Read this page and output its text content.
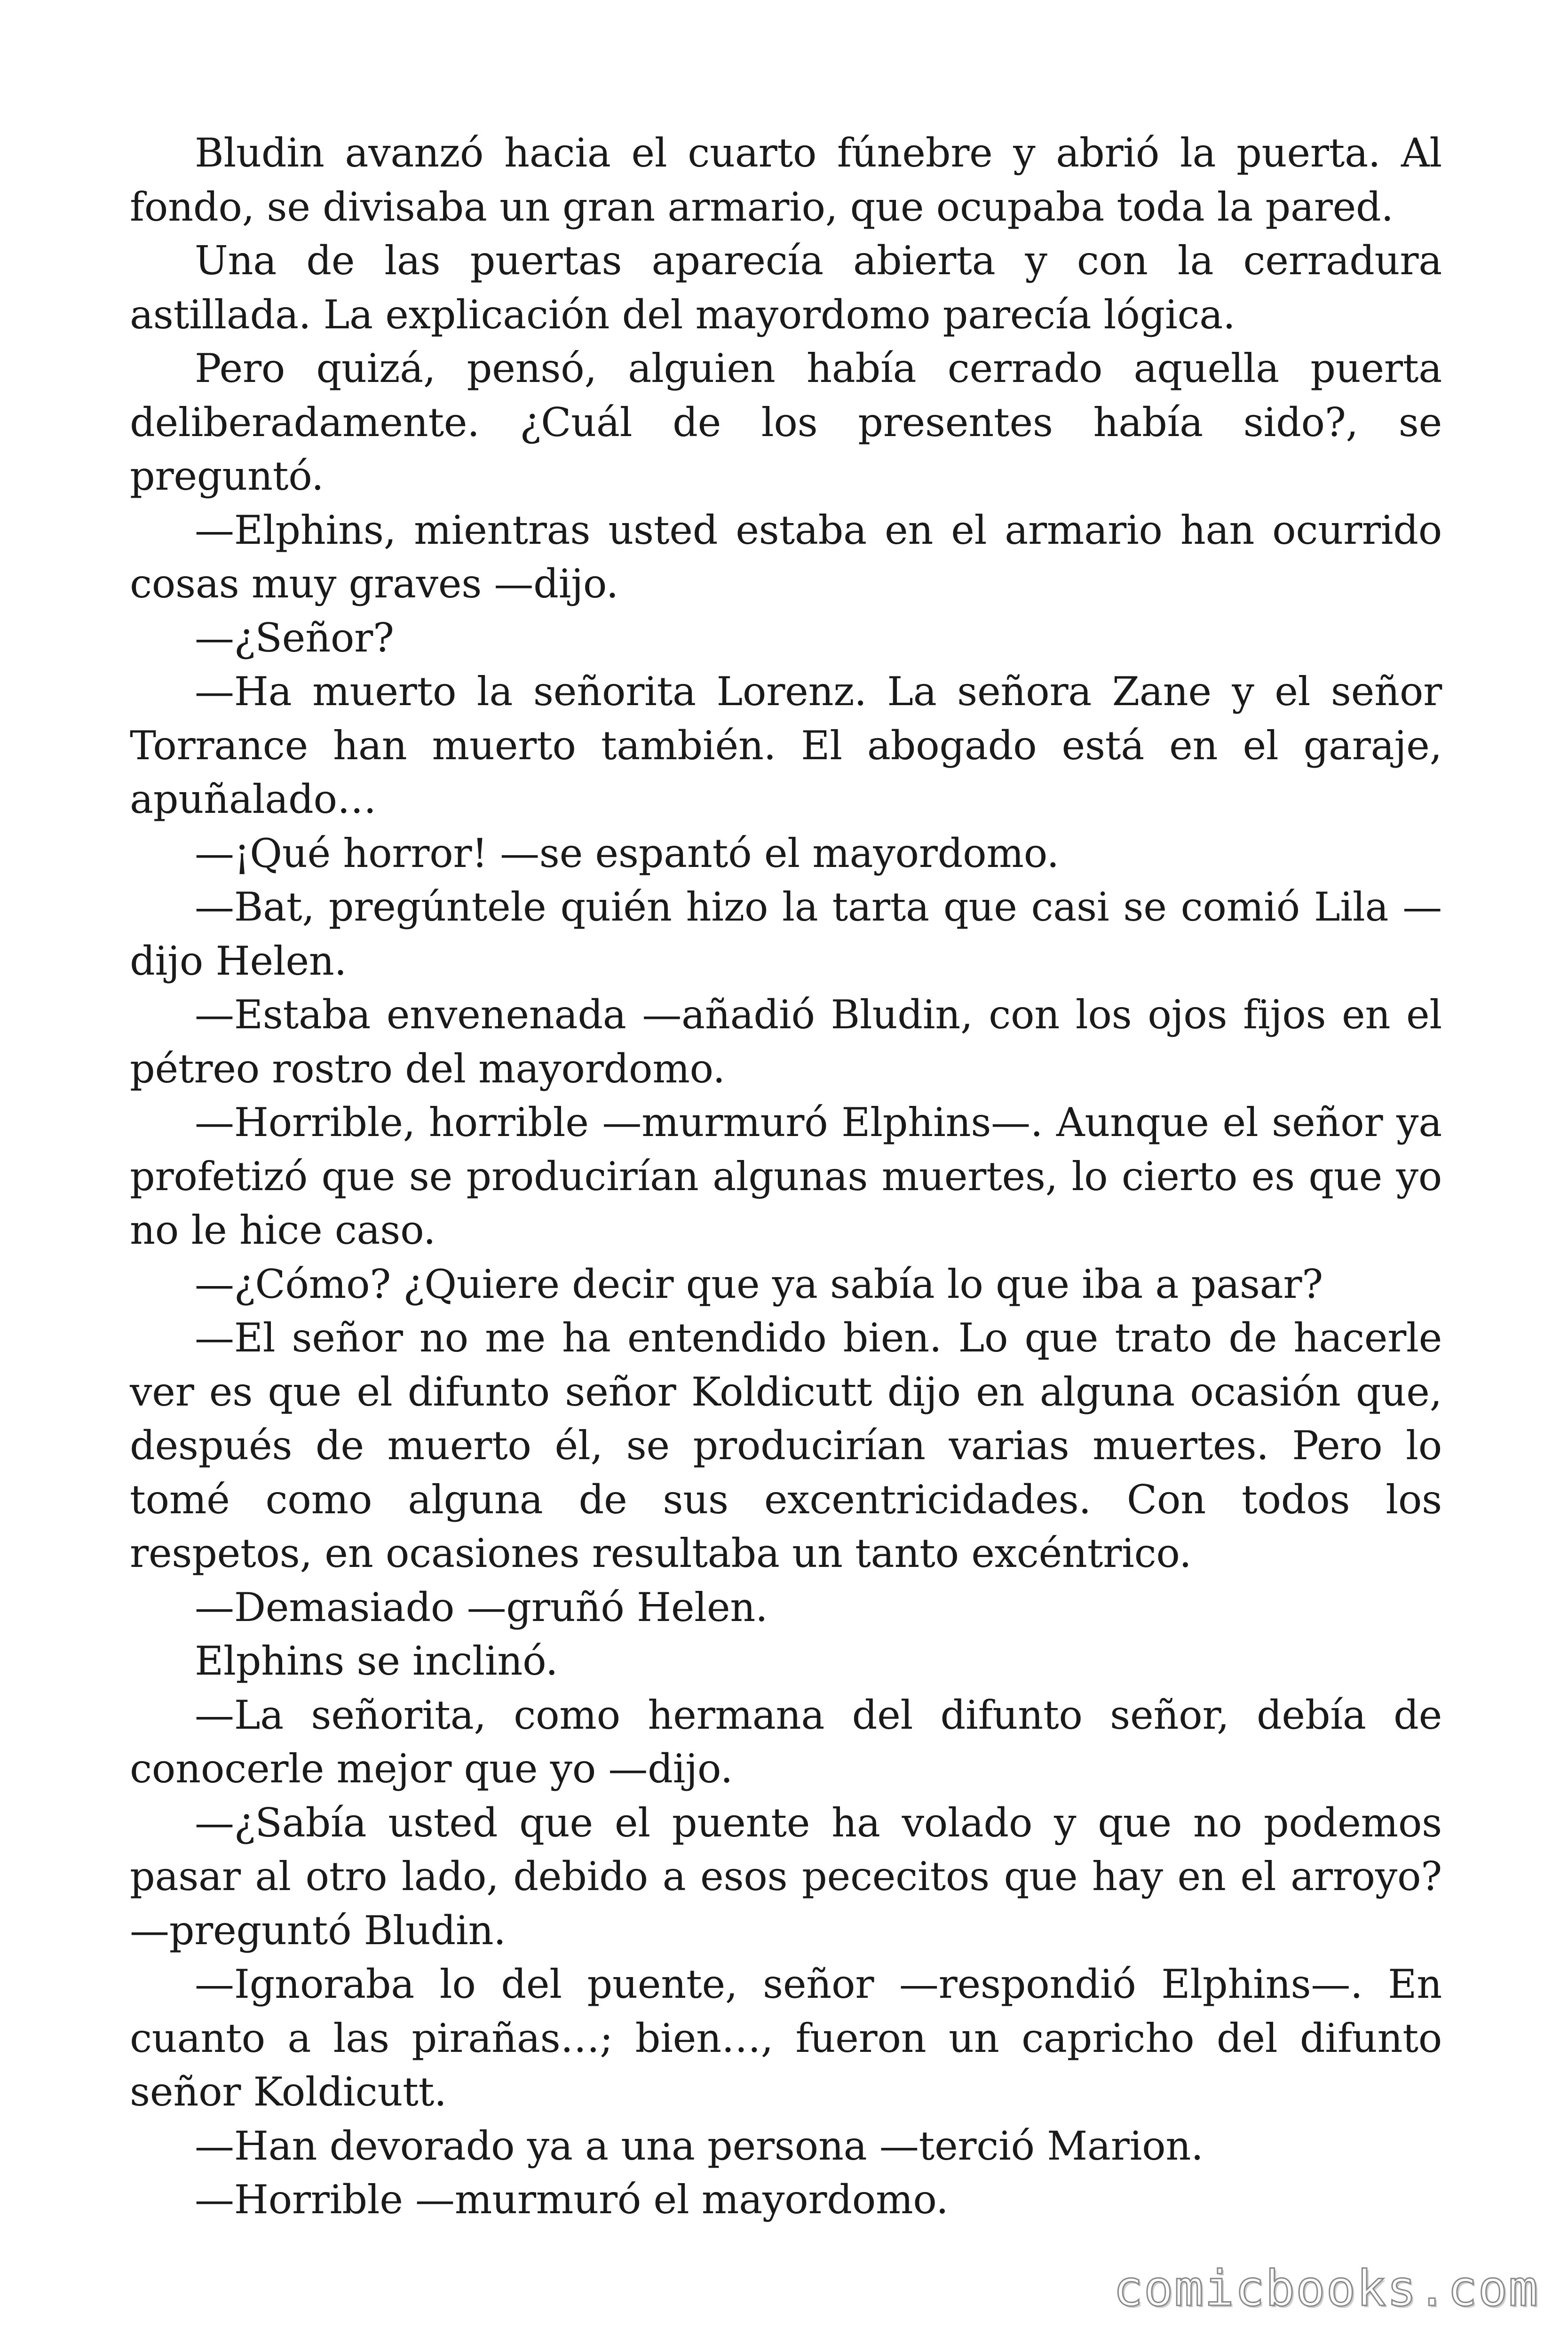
Bludin avanzó hacia el cuarto fúnebre y abrió la puerta. Al fondo, se divisaba un gran armario, que ocupaba toda la pared.

Una de las puertas aparecía abierta y con la cerradura astillada. La explicación del mayordomo parecía lógica.

Pero quizá, pensó, alguien había cerrado aquella puerta deliberadamente. ¿Cuál de los presentes había sido?, se preguntó.

—Elphins, mientras usted estaba en el armario han ocurrido cosas muy graves —dijo.

—¿Señor?

—Ha muerto la señorita Lorenz. La señora Zane y el señor Torrance han muerto también. El abogado está en el garaje, apuñalado…

—¡Qué horror! —se espantó el mayordomo.

—Bat, pregúntele quién hizo la tarta que casi se comió Lila —dijo Helen.

—Estaba envenenada —añadió Bludin, con los ojos fijos en el pétreo rostro del mayordomo.

—Horrible, horrible —murmuró Elphins—. Aunque el señor ya profetizó que se producirían algunas muertes, lo cierto es que yo no le hice caso.

—¿Cómo? ¿Quiere decir que ya sabía lo que iba a pasar?

—El señor no me ha entendido bien. Lo que trato de hacerle ver es que el difunto señor Koldicutt dijo en alguna ocasión que, después de muerto él, se producirían varias muertes. Pero lo tomé como alguna de sus excentricidades. Con todos los respetos, en ocasiones resultaba un tanto excéntrico.

—Demasiado —gruñó Helen.

Elphins se inclinó.

—La señorita, como hermana del difunto señor, debía de conocerle mejor que yo —dijo.

—¿Sabía usted que el puente ha volado y que no podemos pasar al otro lado, debido a esos pececitos que hay en el arroyo? —preguntó Bludin.

—Ignoraba lo del puente, señor —respondió Elphins—. En cuanto a las pirañas…; bien…, fueron un capricho del difunto señor Koldicutt.

—Han devorado ya a una persona —terció Marion.

—Horrible —murmuró el mayordomo.

comicbooks.com
